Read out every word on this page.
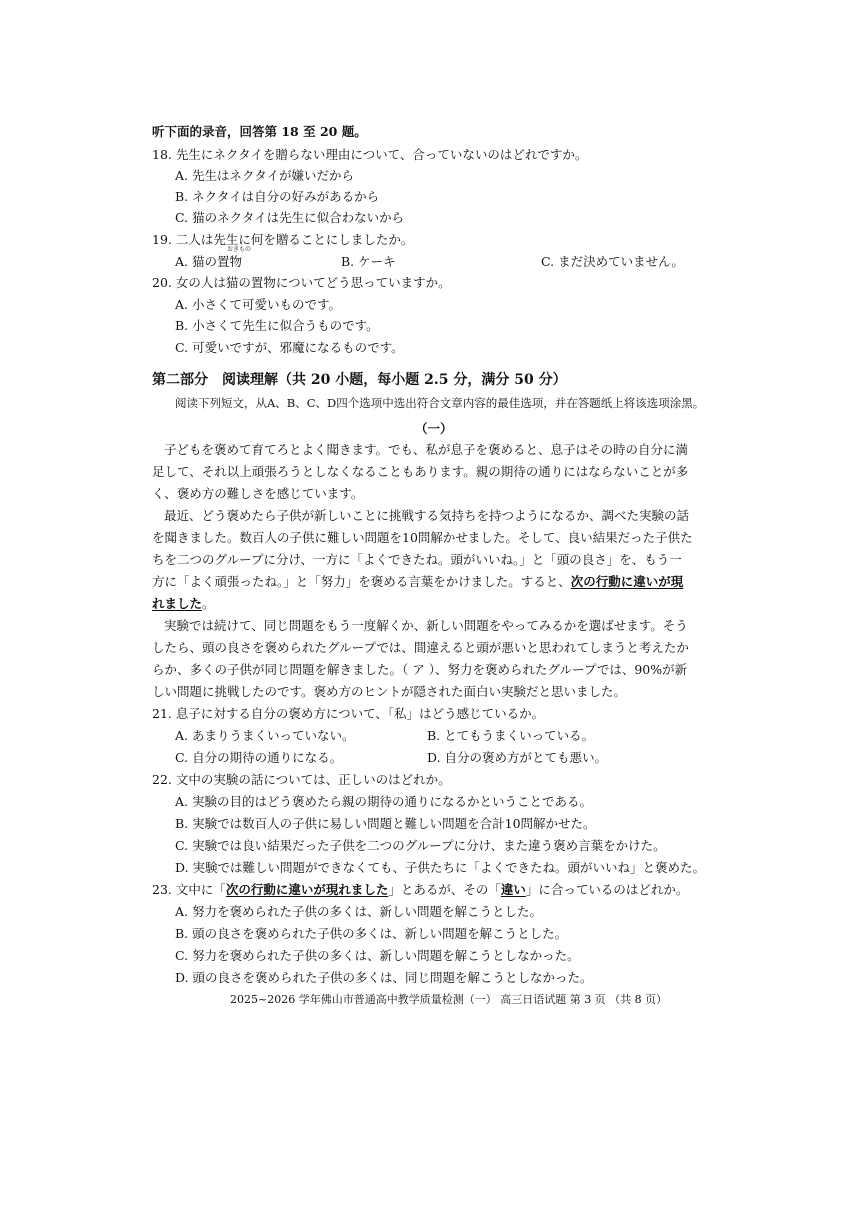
听下面的录音，回答第 18 至 20 题。
18. 先生にネクタイを贈らない理由について、合っていないのはどれですか。
A. 先生はネクタイが嫌いだから
B. ネクタイは自分の好みがあるから
C. 猫のネクタイは先生に似合わないから
19. 二人は先生に何を贈ることにしましたか。
A. 猫の置物
おきもの
B. ケーキ	C. まだ決めていません。
20. 女の人は猫の置物についてどう思っていますか。
A. 小さくて可愛いものです。
B. 小さくて先生に似合うものです。
C. 可愛いですが、邪魔になるものです。
第二部分　阅读理解（共 20 小题，每小题 2.5 分，满分 50 分）
阅读下列短文，从A、B、C、D四个选项中选出符合文章内容的最佳选项，并在答题纸上将该选项涂黑。
（一）
子どもを褒めて育てろとよく聞きます。でも、私が息子を褒めると、息子はその時の自分に満
足して、それ以上頑張ろうとしなくなることもあります。親の期待の通りにはならないことが多
く、褒め方の難しさを感じています。
最近、どう褒めたら子供が新しいことに挑戦する気持ちを持つようになるか、調べた実験の話
を聞きました。数百人の子供に難しい問題を10問解かせました。そして、良い結果だった子供た
ちを二つのグループに分け、一方に「よくできたね。頭がいいね。」と「頭の良さ」を、もう一
方に「よく頑張ったね。」と「努力」を褒める言葉をかけました。すると、次の行動に違いが現
れました。
実験では続けて、同じ問題をもう一度解くか、新しい問題をやってみるかを選ばせます。そう
したら、頭の良さを褒められたグループでは、間違えると頭が悪いと思われてしまうと考えたか
らか、多くの子供が同じ問題を解きました。（ ア ）、努力を褒められたグループでは、90%が新
しい問題に挑戦したのです。褒め方のヒントが隠された面白い実験だと思いました。
21. 息子に対する自分の褒め方について、「私」はどう感じているか。
A. あまりうまくいっていない。	B. とてもうまくいっている。
C. 自分の期待の通りになる。	D. 自分の褒め方がとても悪い。
22. 文中の実験の話については、正しいのはどれか。
A. 実験の目的はどう褒めたら親の期待の通りになるかということである。
B. 実験では数百人の子供に易しい問題と難しい問題を合計10問解かせた。
C. 実験では良い結果だった子供を二つのグループに分け、また違う褒め言葉をかけた。
D. 実験では難しい問題ができなくても、子供たちに「よくできたね。頭がいいね」と褒めた。
23. 文中に「次の行動に違いが現れました」とあるが、その「違い」に合っているのはどれか。
A. 努力を褒められた子供の多くは、新しい問題を解こうとした。
B. 頭の良さを褒められた子供の多くは、新しい問題を解こうとした。
C. 努力を褒められた子供の多くは、新しい問題を解こうとしなかった。
D. 頭の良さを褒められた子供の多くは、同じ問題を解こうとしなかった。
2025~2026 学年佛山市普通高中教学质量检测（一） 高三日语试题 第 3 页 （共 8 页）
